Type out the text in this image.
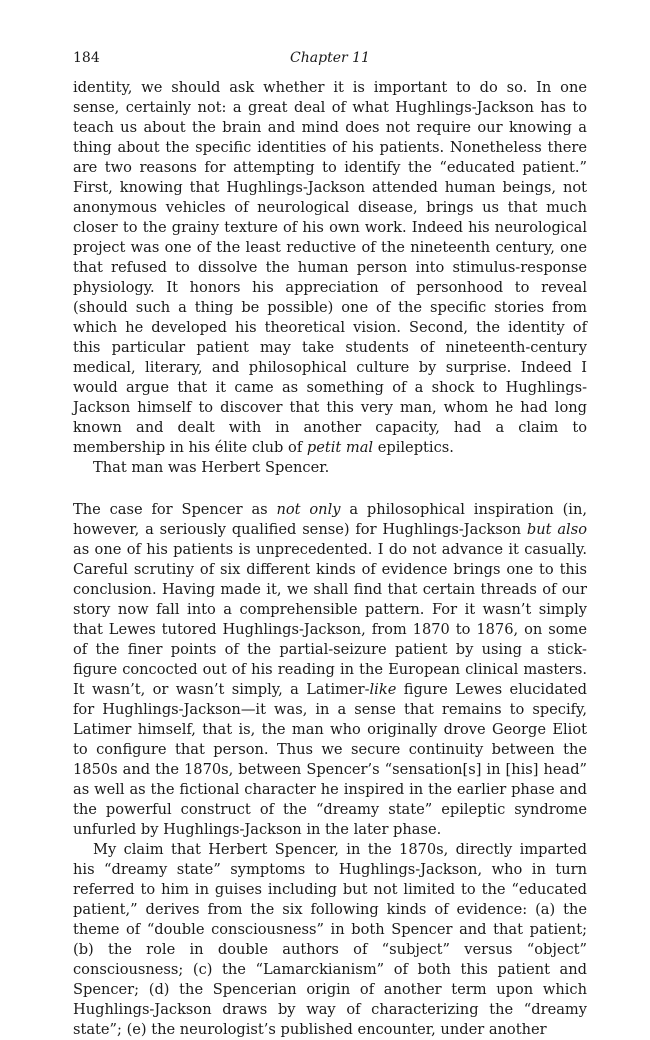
184	Chapter 11

identity, we should ask whether it is important to do so. In one sense, certainly not: a great deal of what Hughlings-Jackson has to teach us about the brain and mind does not require our knowing a thing about the specific identities of his patients. Nonetheless there are two reasons for attempting to identify the “educated patient.” First, knowing that Hughlings-Jackson attended human beings, not anonymous vehicles of neurological disease, brings us that much closer to the grainy texture of his own work. Indeed his neurological project was one of the least reductive of the nineteenth century, one that refused to dissolve the human person into stimulus-response physiology. It honors his appreciation of personhood to reveal (should such a thing be possible) one of the specific stories from which he developed his theoretical vision. Second, the identity of this particular patient may take students of nineteenth-century medical, literary, and philosophical culture by surprise. Indeed I would argue that it came as something of a shock to Hughlings-Jackson himself to discover that this very man, whom he had long known and dealt with in another capacity, had a claim to membership in his élite club of petit mal epileptics.

That man was Herbert Spencer.

The case for Spencer as not only a philosophical inspiration (in, however, a seriously qualified sense) for Hughlings-Jackson but also as one of his patients is unprecedented. I do not advance it casually. Careful scrutiny of six different kinds of evidence brings one to this conclusion. Having made it, we shall find that certain threads of our story now fall into a comprehensible pattern. For it wasn’t simply that Lewes tutored Hughlings-Jackson, from 1870 to 1876, on some of the finer points of the partial-seizure patient by using a stick-figure concocted out of his reading in the European clinical masters. It wasn’t, or wasn’t simply, a Latimer-like figure Lewes elucidated for Hughlings-Jackson—it was, in a sense that remains to specify, Latimer himself, that is, the man who originally drove George Eliot to configure that person. Thus we secure continuity between the 1850s and the 1870s, between Spencer’s “sensation[s] in [his] head” as well as the fictional character he inspired in the earlier phase and the powerful construct of the “dreamy state” epileptic syndrome unfurled by Hughlings-Jackson in the later phase.

My claim that Herbert Spencer, in the 1870s, directly imparted his “dreamy state” symptoms to Hughlings-Jackson, who in turn referred to him in guises including but not limited to the “educated patient,” derives from the six following kinds of evidence: (a) the theme of “double consciousness” in both Spencer and that patient; (b) the role in double authors of “subject” versus “object” consciousness; (c) the “Lamarckianism” of both this patient and Spencer; (d) the Spencerian origin of another term upon which Hughlings-Jackson draws by way of characterizing the “dreamy state”; (e) the neurologist’s published encounter, under another
